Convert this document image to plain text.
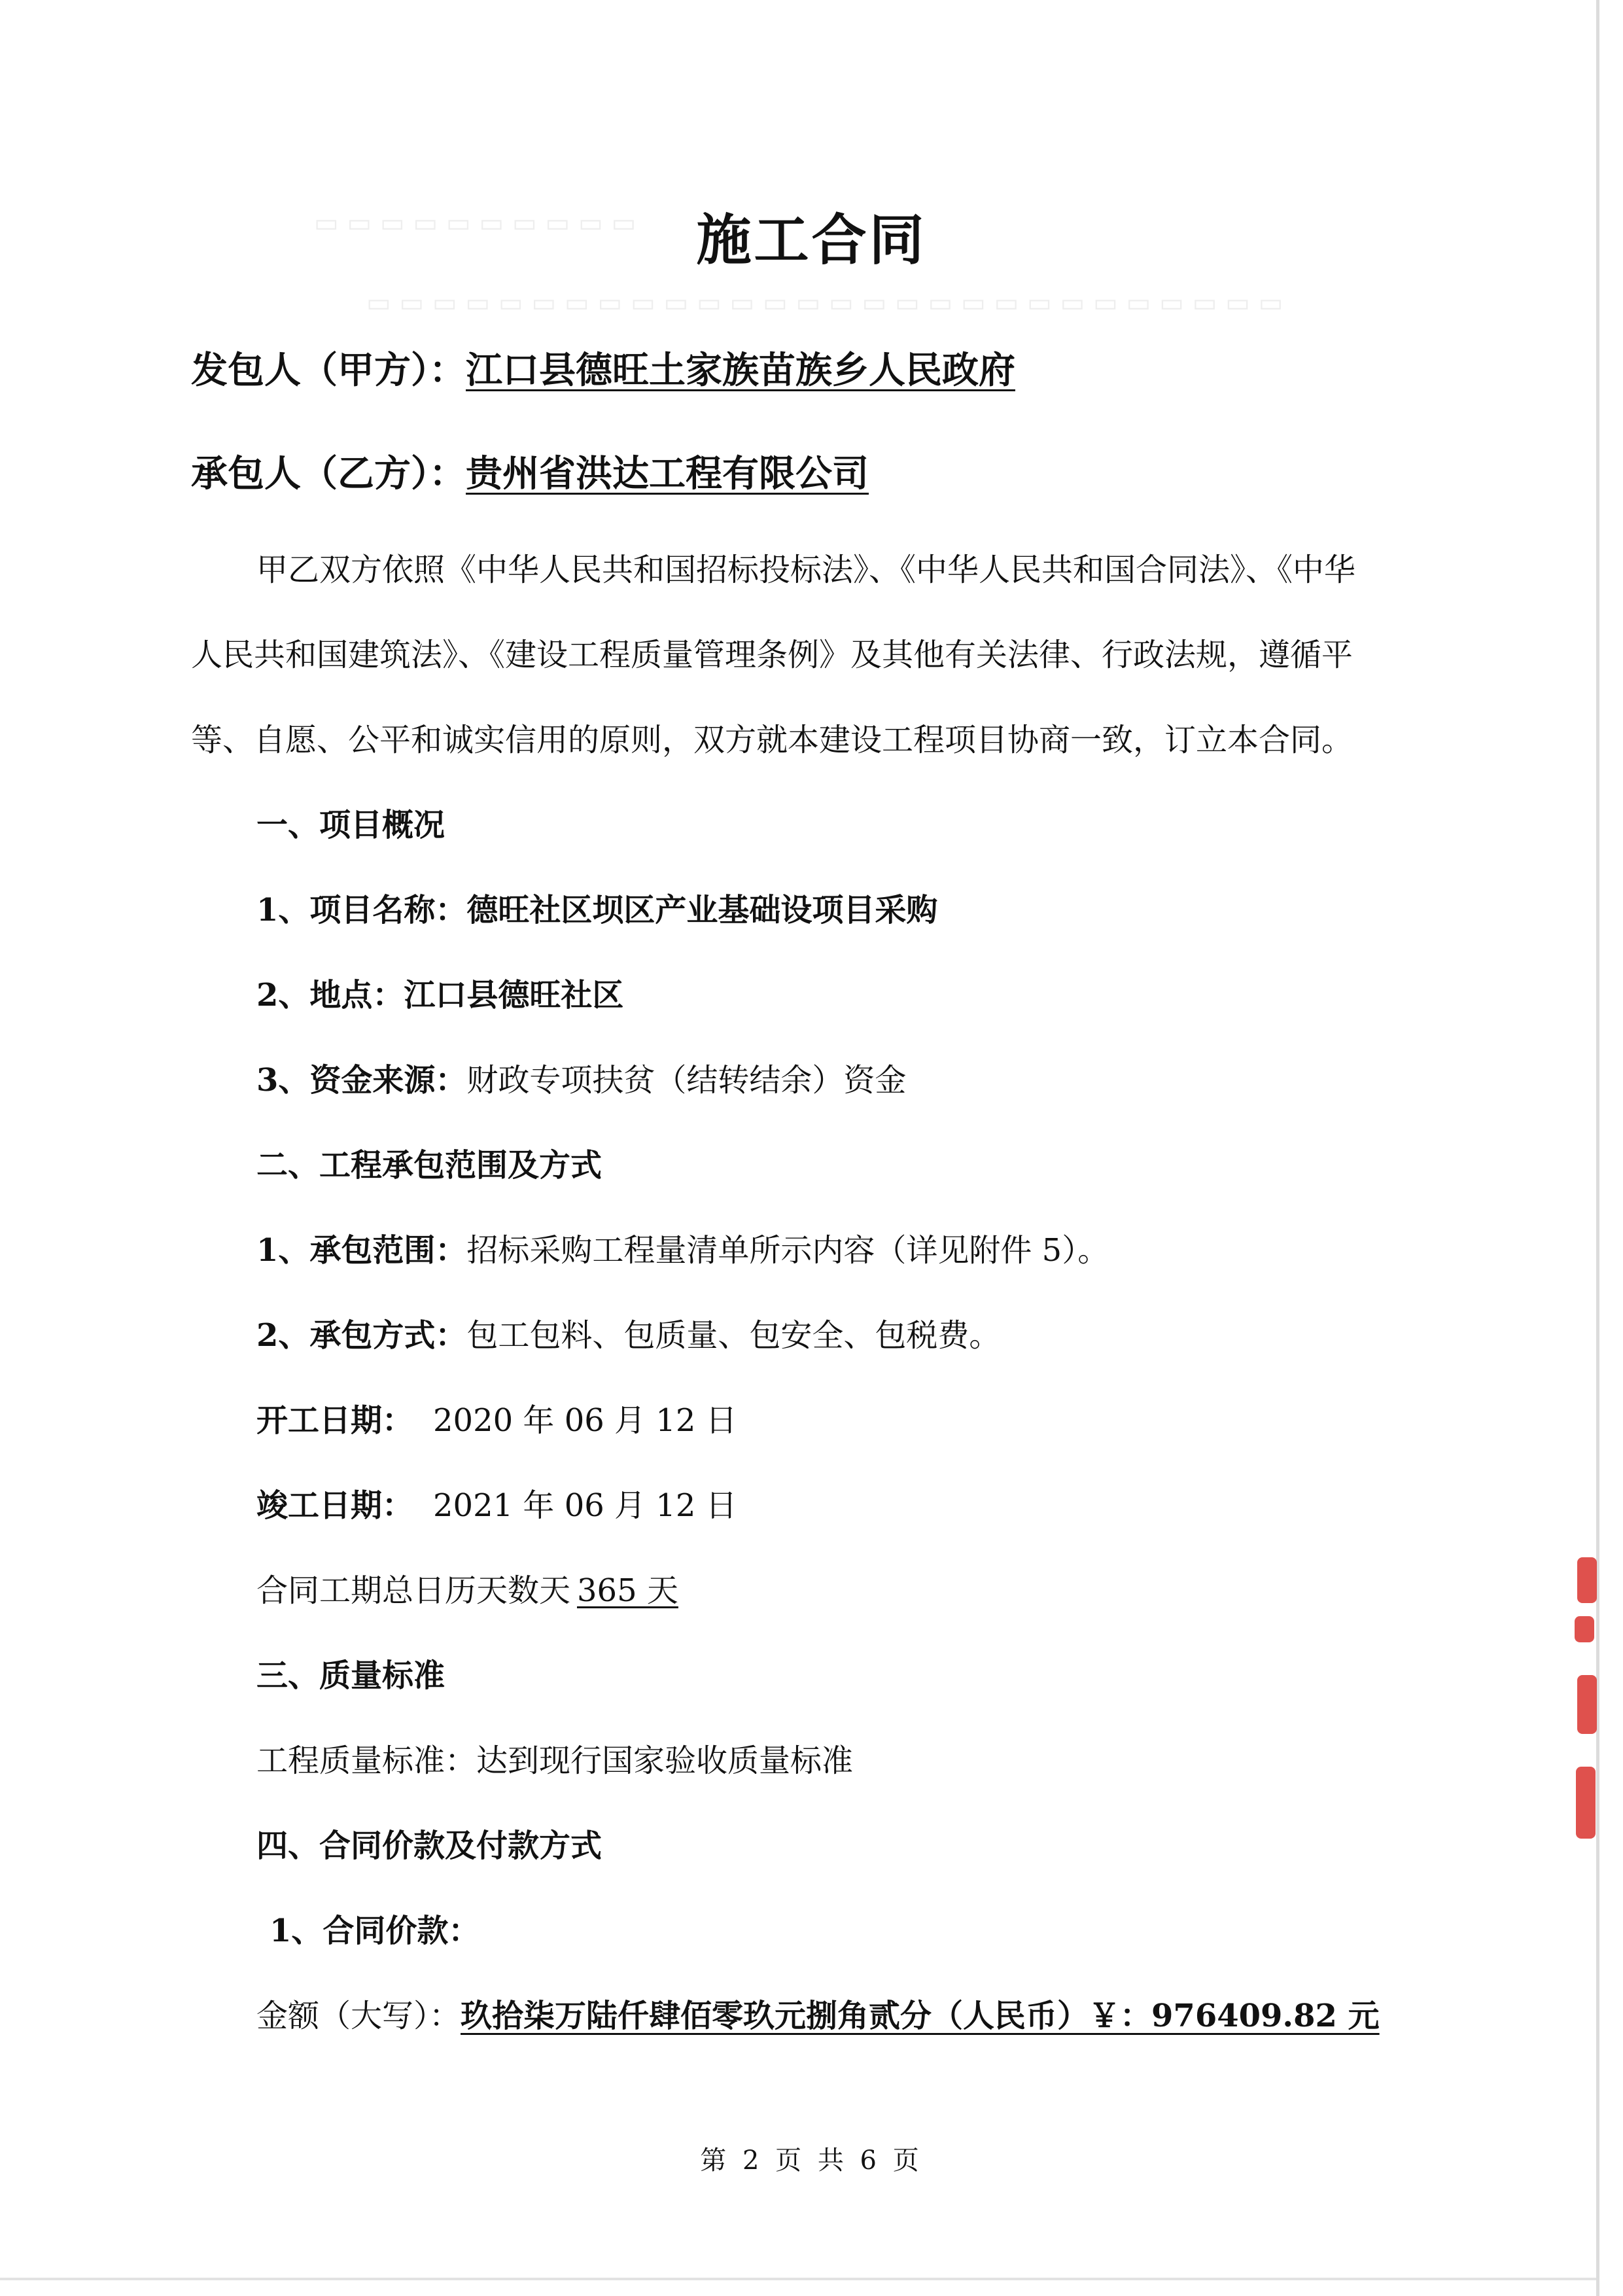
▭ ▭ ▭ ▭ ▭ ▭ ▭ ▭ ▭ ▭
▭ ▭ ▭ ▭ ▭ ▭ ▭ ▭ ▭ ▭ ▭ ▭ ▭ ▭ ▭ ▭ ▭ ▭ ▭ ▭ ▭ ▭ ▭ ▭ ▭ ▭ ▭ ▭
施工合同
发包人（甲方）：江口县德旺土家族苗族乡人民政府
承包人（乙方）：贵州省洪达工程有限公司
甲乙双方依照《中华人民共和国招标投标法》、《中华人民共和国合同法》、《中华
人民共和国建筑法》、《建设工程质量管理条例》及其他有关法律、行政法规，遵循平
等、自愿、公平和诚实信用的原则，双方就本建设工程项目协商一致，订立本合同。
一、项目概况
1、项目名称：德旺社区坝区产业基础设项目采购
2、地点：江口县德旺社区
3、资金来源：财政专项扶贫（结转结余）资金
二、工程承包范围及方式
1、承包范围：招标采购工程量清单所示内容（详见附件 5）。
2、承包方式：包工包料、包质量、包安全、包税费。
开工日期： 2020 年 06 月 12 日
竣工日期： 2021 年 06 月 12 日
合同工期总日历天数天 365 天
三、质量标准
工程质量标准：达到现行国家验收质量标准
四、合同价款及付款方式
1、合同价款：
金额（大写）：玖拾柒万陆仟肆佰零玖元捌角贰分（人民币）￥：976409.82 元
第 2 页 共 6 页
